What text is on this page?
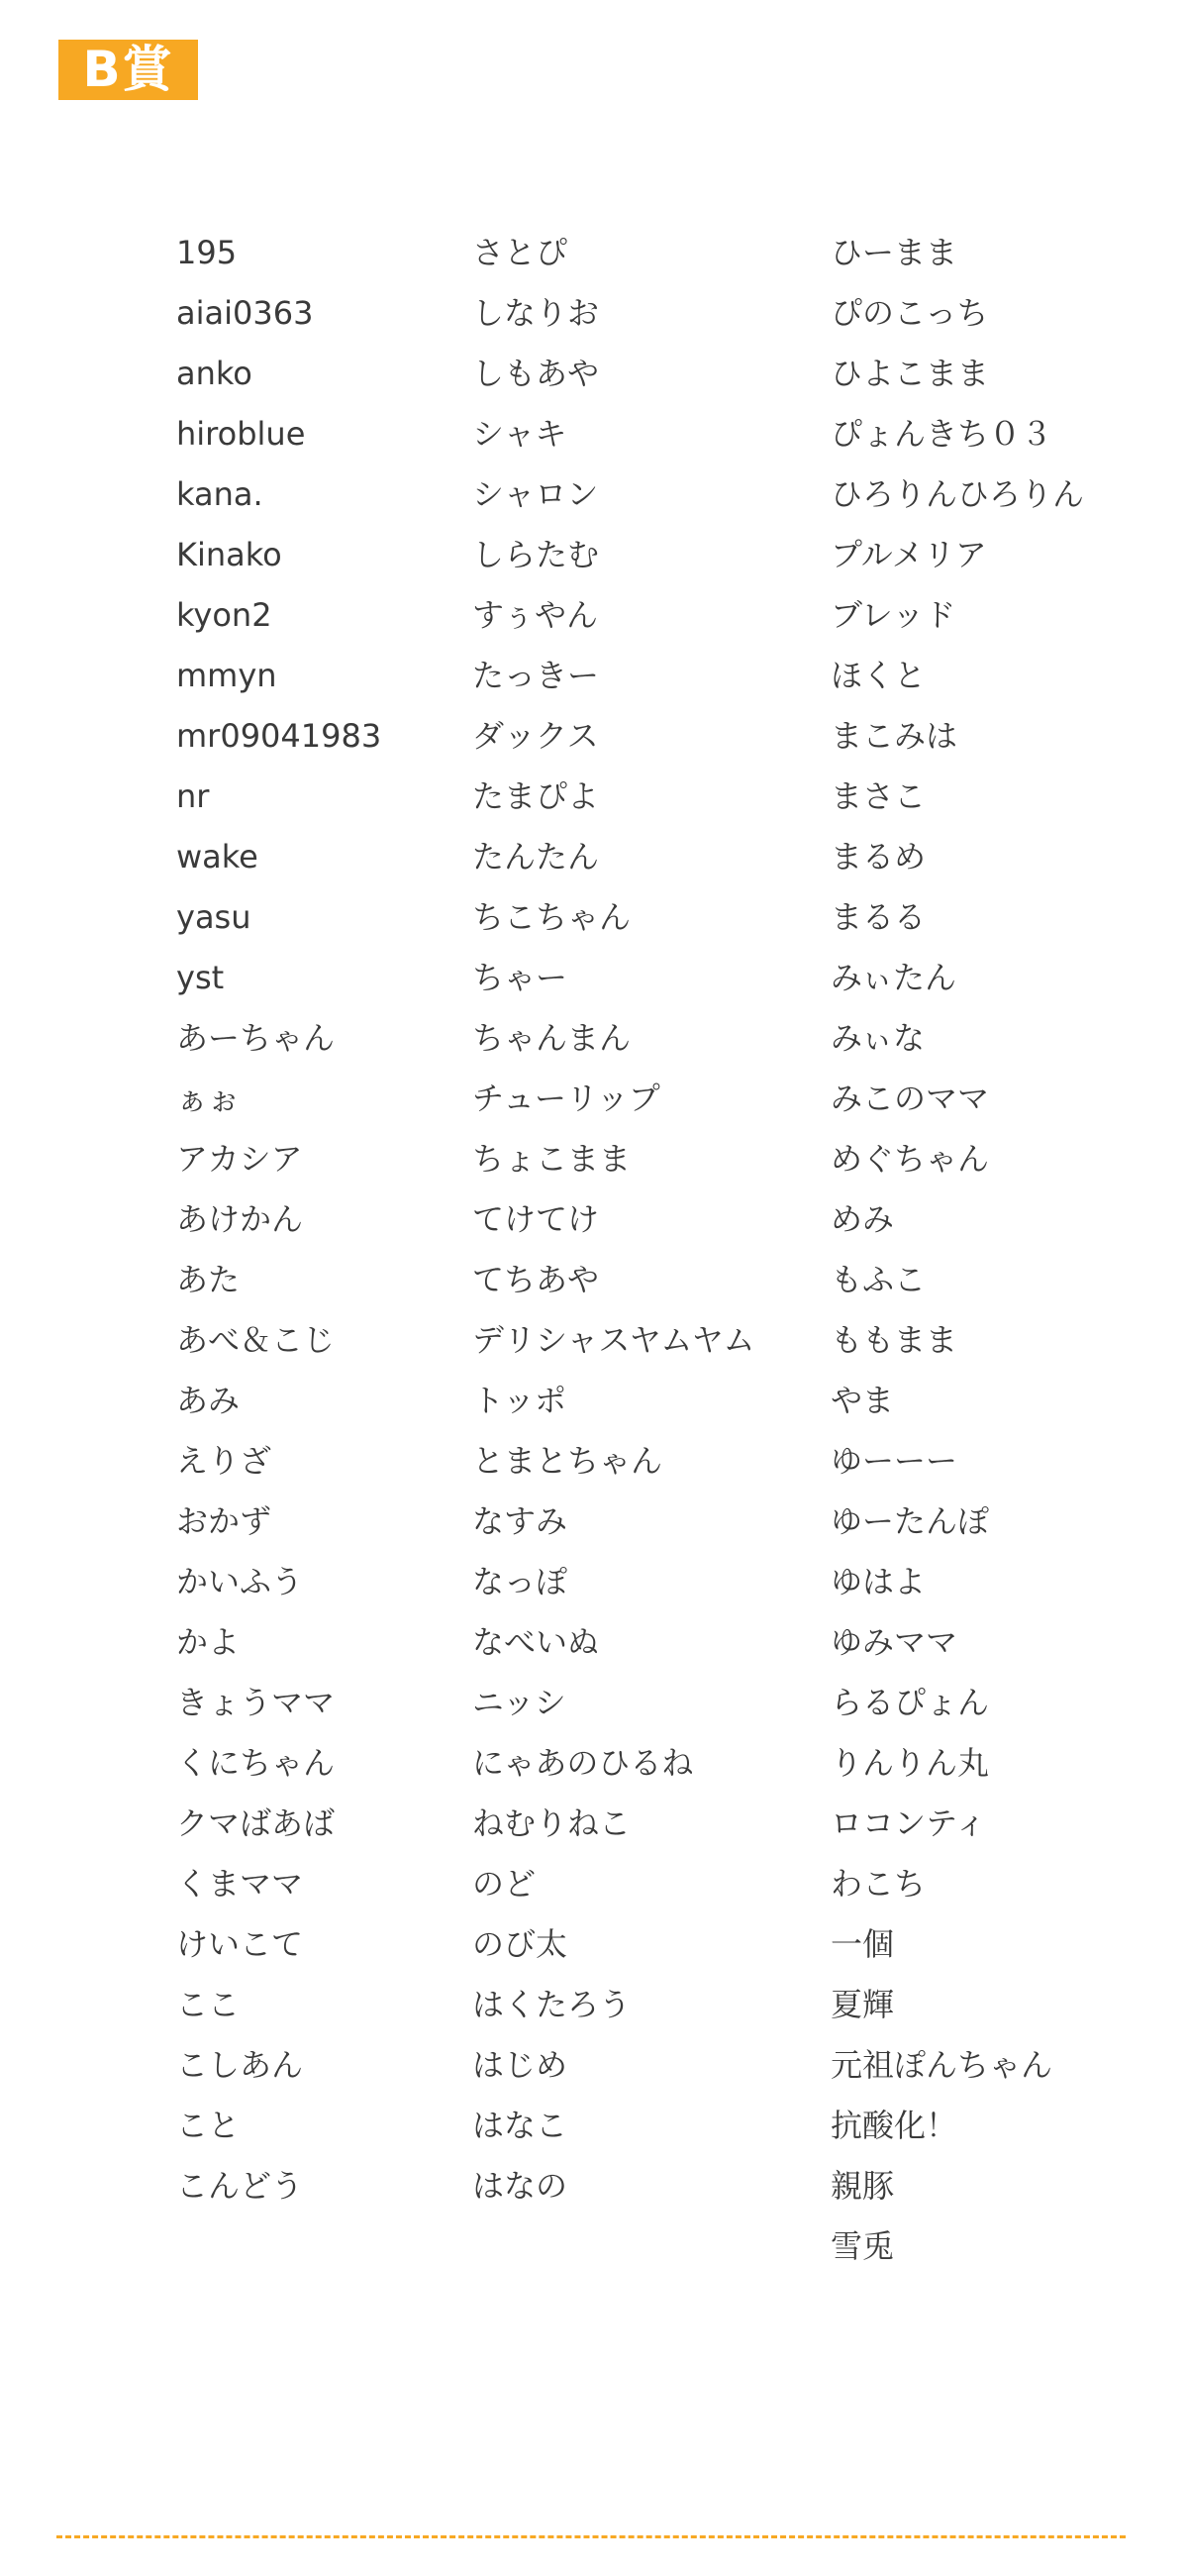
B賞
195
aiai0363
anko
hiroblue
kana.
Kinako
kyon2
mmyn
mr09041983
nr
wake
yasu
yst
あーちゃん
ぁぉ
アカシア
あけかん
あた
あべ＆こじ
あみ
えりざ
おかず
かいふう
かよ
きょうママ
くにちゃん
クマばあば
くまママ
けいこて
ここ
こしあん
こと
こんどう
さとぴ
しなりお
しもあや
シャキ
シャロン
しらたむ
すぅやん
たっきー
ダックス
たまぴよ
たんたん
ちこちゃん
ちゃー
ちゃんまん
チューリップ
ちょこまま
てけてけ
てちあや
デリシャスヤムヤム
トッポ
とまとちゃん
なすみ
なっぽ
なべいぬ
ニッシ
にゃあのひるね
ねむりねこ
のど
のび太
はくたろう
はじめ
はなこ
はなの
ひーまま
ぴのこっち
ひよこまま
ぴょんきち０３
ひろりんひろりん
プルメリア
ブレッド
ほくと
まこみは
まさこ
まるめ
まるる
みぃたん
みぃな
みこのママ
めぐちゃん
めみ
もふこ
ももまま
やま
ゆーーー
ゆーたんぽ
ゆはよ
ゆみママ
らるぴょん
りんりん丸
ロコンティ
わこち
一個
夏輝
元祖ぽんちゃん
抗酸化！
親豚
雪兎
